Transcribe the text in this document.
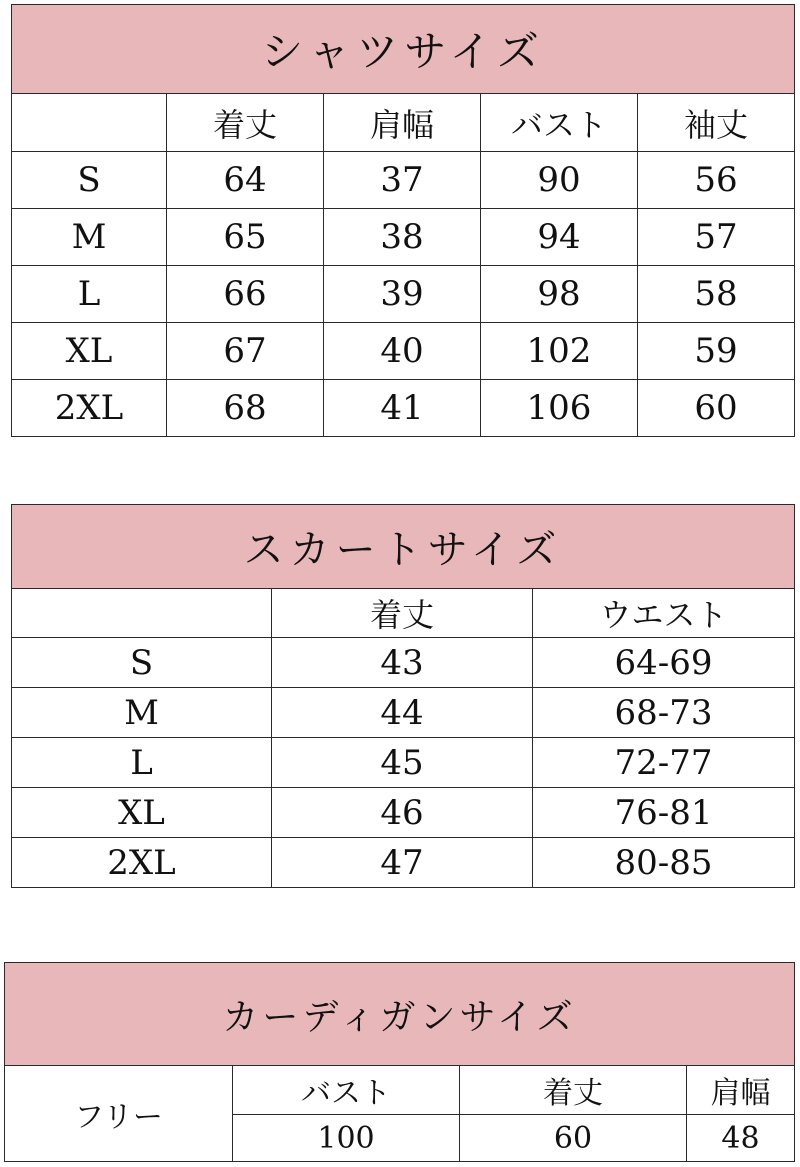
シャツサイズ				
	着丈	肩幅	バスト	袖丈
S	64	37	90	56
M	65	38	94	57
L	66	39	98	58
XL	67	40	102	59
2XL	68	41	106	60
スカートサイズ		
	着丈	ウエスト
S	43	64-69
M	44	68-73
L	45	72-77
XL	46	76-81
2XL	47	80-85
カーディガンサイズ			
フリー	バスト	着丈	肩幅
	100	60	48
